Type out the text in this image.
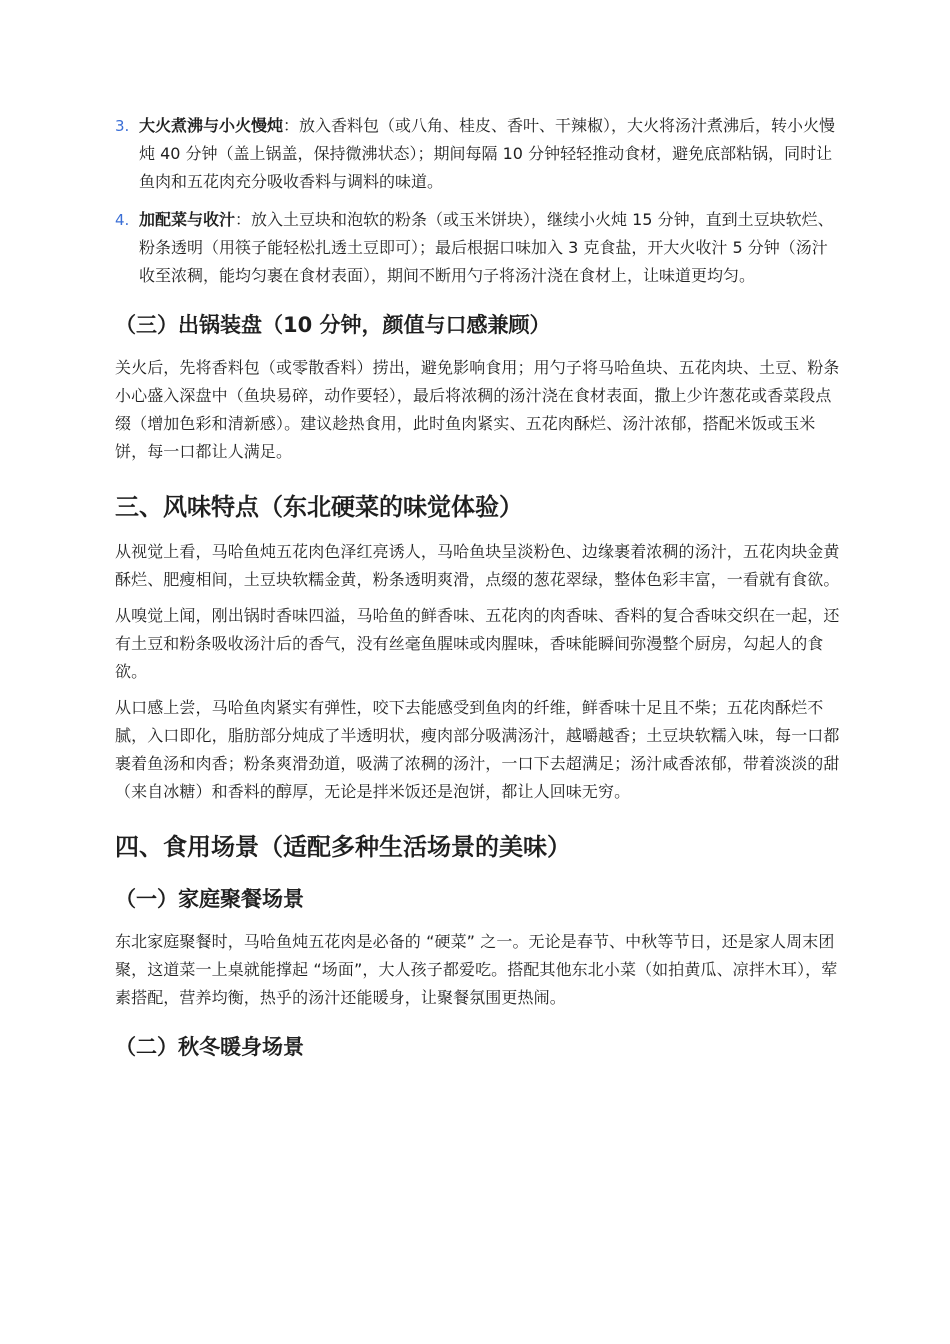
3. 大火煮沸与小火慢炖：放入香料包（或八角、桂皮、香叶、干辣椒），大火将汤汁煮沸后，转小火慢炖 40 分钟（盖上锅盖，保持微沸状态）；期间每隔 10 分钟轻轻推动食材，避免底部粘锅，同时让鱼肉和五花肉充分吸收香料与调料的味道。
4. 加配菜与收汁：放入土豆块和泡软的粉条（或玉米饼块），继续小火炖 15 分钟，直到土豆块软烂、粉条透明（用筷子能轻松扎透土豆即可）；最后根据口味加入 3 克食盐，开大火收汁 5 分钟（汤汁收至浓稠，能均匀裹在食材表面），期间不断用勺子将汤汁浇在食材上，让味道更均匀。
（三）出锅装盘（10 分钟，颜值与口感兼顾）

关火后，先将香料包（或零散香料）捞出，避免影响食用；用勺子将马哈鱼块、五花肉块、土豆、粉条小心盛入深盘中（鱼块易碎，动作要轻），最后将浓稠的汤汁浇在食材表面，撒上少许葱花或香菜段点缀（增加色彩和清新感）。建议趁热食用，此时鱼肉紧实、五花肉酥烂、汤汁浓郁，搭配米饭或玉米饼，每一口都让人满足。

三、风味特点（东北硬菜的味觉体验）

从视觉上看，马哈鱼炖五花肉色泽红亮诱人，马哈鱼块呈淡粉色、边缘裹着浓稠的汤汁，五花肉块金黄酥烂、肥瘦相间，土豆块软糯金黄，粉条透明爽滑，点缀的葱花翠绿，整体色彩丰富，一看就有食欲。

从嗅觉上闻，刚出锅时香味四溢，马哈鱼的鲜香味、五花肉的肉香味、香料的复合香味交织在一起，还有土豆和粉条吸收汤汁后的香气，没有丝毫鱼腥味或肉腥味，香味能瞬间弥漫整个厨房，勾起人的食欲。

从口感上尝，马哈鱼肉紧实有弹性，咬下去能感受到鱼肉的纤维，鲜香味十足且不柴；五花肉酥烂不腻，入口即化，脂肪部分炖成了半透明状，瘦肉部分吸满汤汁，越嚼越香；土豆块软糯入味，每一口都裹着鱼汤和肉香；粉条爽滑劲道，吸满了浓稠的汤汁，一口下去超满足；汤汁咸香浓郁，带着淡淡的甜（来自冰糖）和香料的醇厚，无论是拌米饭还是泡饼，都让人回味无穷。

四、食用场景（适配多种生活场景的美味）
（一）家庭聚餐场景

东北家庭聚餐时，马哈鱼炖五花肉是必备的 “硬菜” 之一。无论是春节、中秋等节日，还是家人周末团聚，这道菜一上桌就能撑起 “场面”，大人孩子都爱吃。搭配其他东北小菜（如拍黄瓜、凉拌木耳），荤素搭配，营养均衡，热乎的汤汁还能暖身，让聚餐氛围更热闹。

（二）秋冬暖身场景
